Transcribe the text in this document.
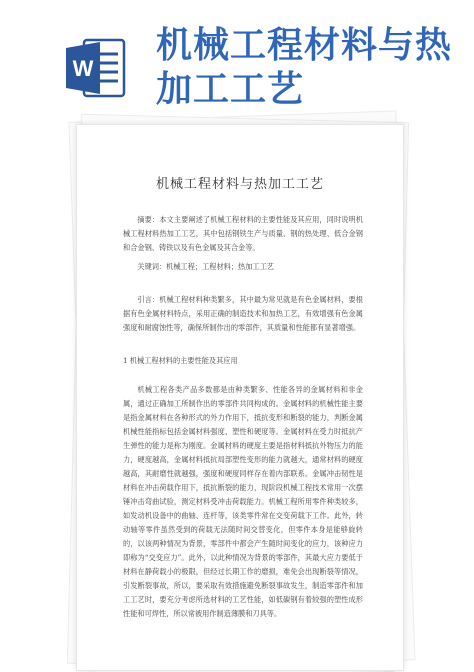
W
机械工程材料与热加工工艺
机械工程材料与热加工工艺

摘要：本文主要阐述了机械工程材料的主要性能及其应用，同时说明机械工程材料热加工工艺，其中包括钢铁生产与质量、钢的热处理、低合金钢和合金钢、铸铁以及有色金属及其合金等。

关键词：机械工程；工程材料；热加工工艺

引言：机械工程材料种类繁多，其中最为常见就是有色金属材料，要根据有色金属材料特点，采用正确的制造技术和加热工艺，有效增强有色金属强度和耐腐蚀性等，确保所制作出的零部件，其质量和性能都有显著增强。

1 机械工程材料的主要性能及其应用

机械工程各类产品多数都是由种类繁多、性能各异的金属材料和非金属，通过正确加工所制作出的零部件共同构成的。金属材料的机械性能主要是指金属材料在各种形式的外力作用下，抵抗变形和断裂的能力，判断金属机械性能指标包括金属材料强度、塑性和硬度等。金属材料在受力时抵抗产生弹性的能力是称为刚度。金属材料的硬度主要是指材料抵抗外物压力的能力，硬度越高，金属材料抵抗局部塑性变形的能力就越大，通常材料的硬度越高，其耐磨性就越强，强度和硬度同样存在着内部联系。金属冲击韧性是材料在冲击荷载作用下，抵抗断裂的能力，现阶段机械工程技术常用一次摆锤冲击弯曲试验，测定材料受冲击荷载能力。机械工程所用零件种类较多，如发动机设备中的曲轴、连杆等，该类零件常在交变荷载下工作。此外，转动轴等零件虽然受到的荷载无法随时间交替变化，但零件本身是能够旋转的，以该两种情况为背景，零部件中都会产生随时间变化的应力，该种应力即称为“交变应力”。此外，以此种情况为背景的零部件，其最大应力要低于材料在静荷载小的极限，但经过长期工作的磨损，难免会出现断裂等情况，引发断裂事故，所以，要采取有效措施避免断裂事故发生，制造零部件和加工工艺时，要充分考虑所选材料的工艺性能，如低碳钢有着较强的塑性成形性能和可焊性，所以常被用作制造薄膜和刀具等。
